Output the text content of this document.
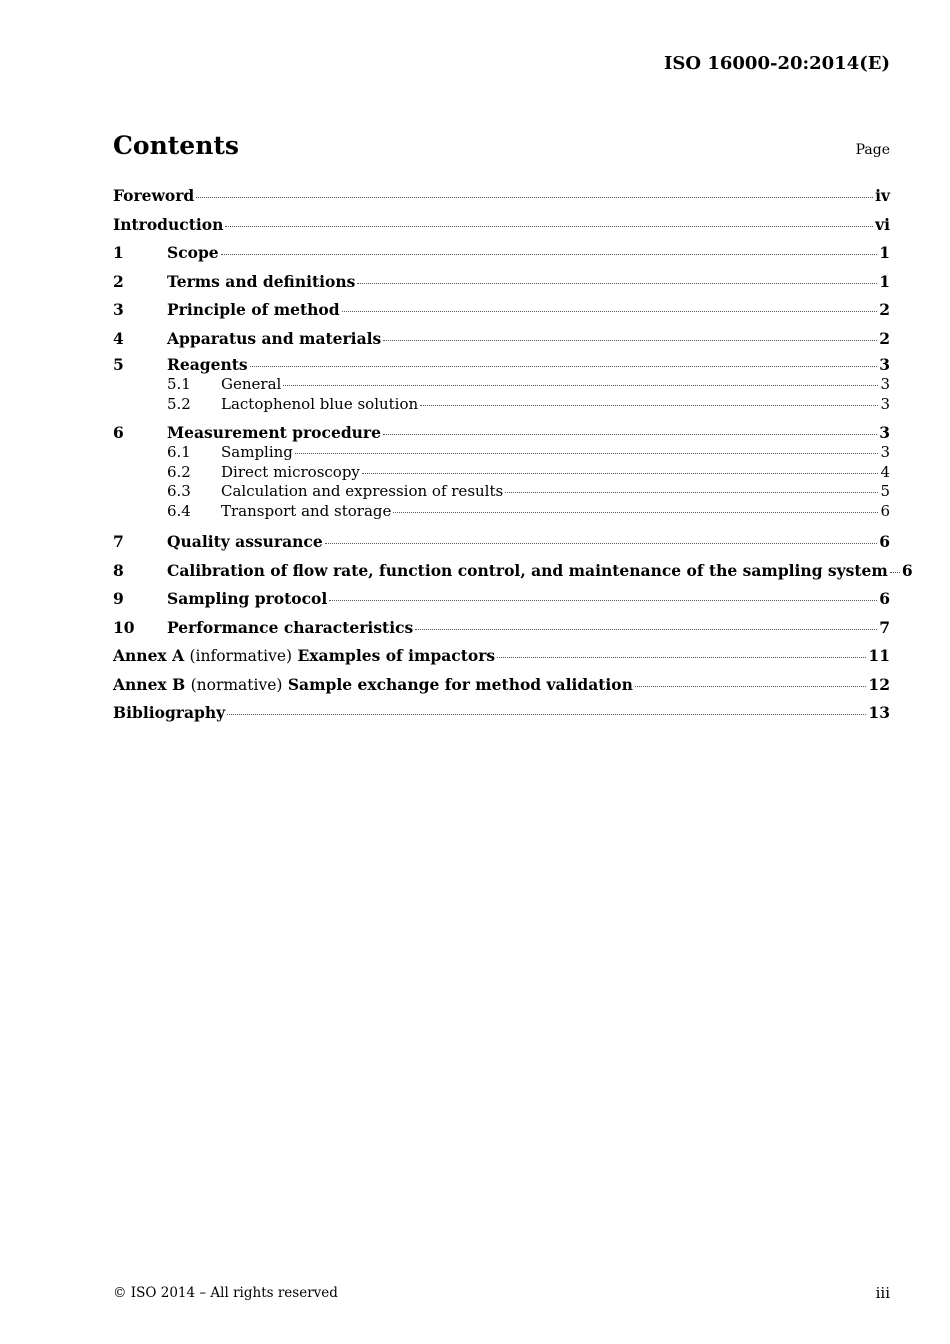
ISO 16000-20:2014(E)
Contents	Page
Foreword	iv
Introduction	vi
1	Scope	1
2	Terms and definitions	1
3	Principle of method	2
4	Apparatus and materials	2
5	Reagents	3
5.1	General	3
5.2	Lactophenol blue solution	3
6	Measurement procedure	3
6.1	Sampling	3
6.2	Direct microscopy	4
6.3	Calculation and expression of results	5
6.4	Transport and storage	6
7	Quality assurance	6
8	Calibration of flow rate, function control, and maintenance of the sampling system 6
9	Sampling protocol	6
10	Performance characteristics	7
Annex A (informative) Examples of impactors	11
Annex B (normative) Sample exchange for method validation	12
Bibliography	13
© ISO 2014 – All rights reserved	iii
